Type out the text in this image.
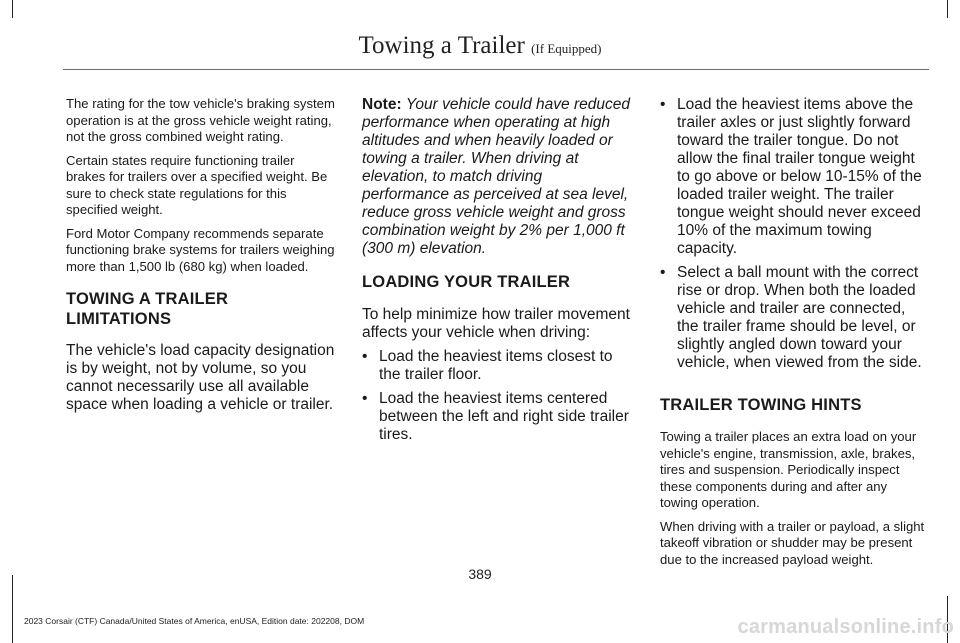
Towing a Trailer (If Equipped)

The rating for the tow vehicle's braking system operation is at the gross vehicle weight rating, not the gross combined weight rating.

Certain states require functioning trailer brakes for trailers over a specified weight. Be sure to check state regulations for this specified weight.

Ford Motor Company recommends separate functioning brake systems for trailers weighing more than 1,500 lb (680 kg) when loaded.

TOWING A TRAILER LIMITATIONS

The vehicle's load capacity designation is by weight, not by volume, so you cannot necessarily use all available space when loading a vehicle or trailer.

Note: Your vehicle could have reduced performance when operating at high altitudes and when heavily loaded or towing a trailer. When driving at elevation, to match driving performance as perceived at sea level, reduce gross vehicle weight and gross combination weight by 2% per 1,000 ft (300 m) elevation.

LOADING YOUR TRAILER

To help minimize how trailer movement affects your vehicle when driving:

• Load the heaviest items closest to the trailer floor.
• Load the heaviest items centered between the left and right side trailer tires.
• Load the heaviest items above the trailer axles or just slightly forward toward the trailer tongue. Do not allow the final trailer tongue weight to go above or below 10-15% of the loaded trailer weight. The trailer tongue weight should never exceed 10% of the maximum towing capacity.
• Select a ball mount with the correct rise or drop. When both the loaded vehicle and trailer are connected, the trailer frame should be level, or slightly angled down toward your vehicle, when viewed from the side.
TRAILER TOWING HINTS

Towing a trailer places an extra load on your vehicle's engine, transmission, axle, brakes, tires and suspension. Periodically inspect these components during and after any towing operation.

When driving with a trailer or payload, a slight takeoff vibration or shudder may be present due to the increased payload weight.

389
2023 Corsair (CTF) Canada/United States of America, enUSA, Edition date: 202208, DOM	carmanualsonline.info
